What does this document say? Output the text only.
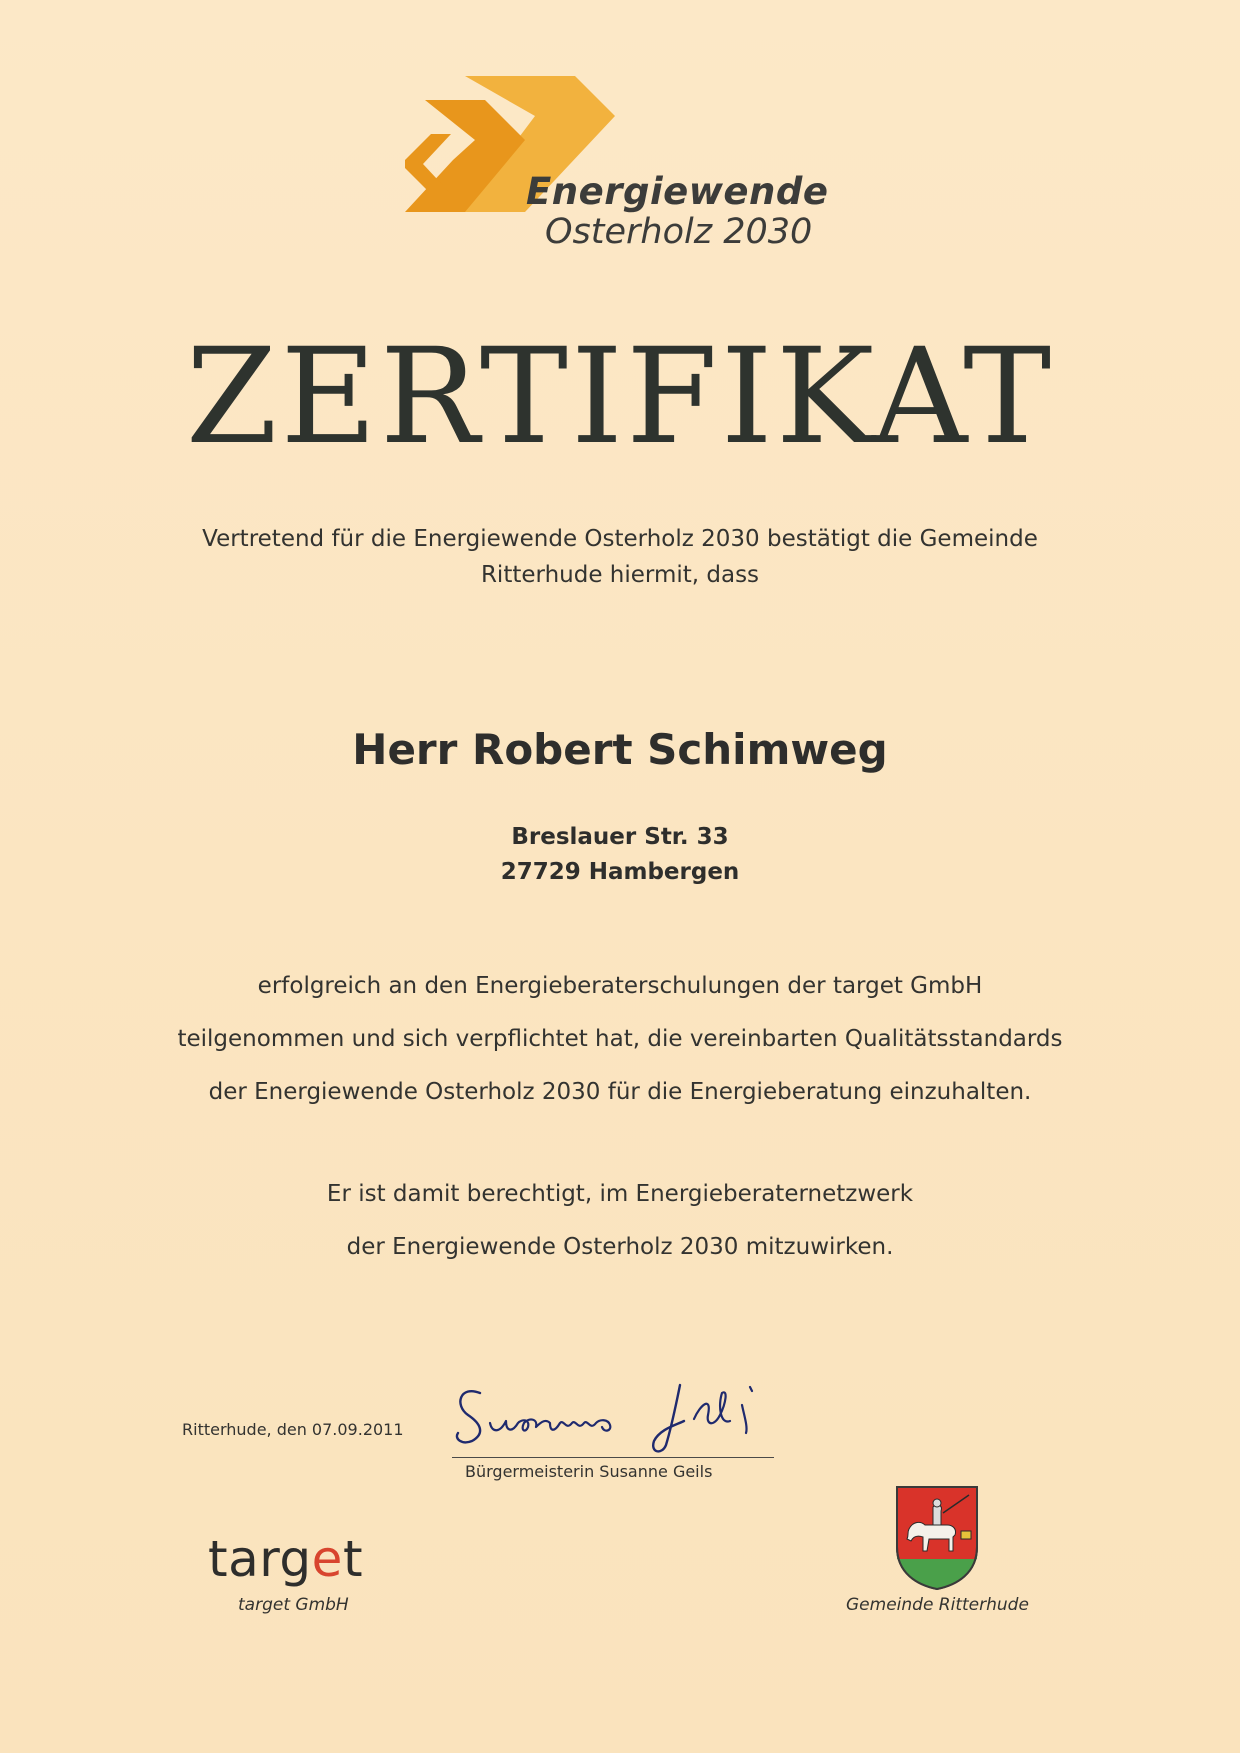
Energiewende
Osterholz 2030
ZERTIFIKAT
Vertretend für die Energiewende Osterholz 2030 bestätigt die Gemeinde
Ritterhude hiermit, dass
Herr Robert Schimweg
Breslauer Str. 33
27729 Hambergen
erfolgreich an den Energieberaterschulungen der target GmbH
teilgenommen und sich verpflichtet hat, die vereinbarten Qualitätsstandards
der Energiewende Osterholz 2030 für die Energieberatung einzuhalten.
Er ist damit berechtigt, im Energieberaternetzwerk
der Energiewende Osterholz 2030 mitzuwirken.
Ritterhude, den 07.09.2011
Bürgermeisterin Susanne Geils
target
target GmbH	Gemeinde Ritterhude
